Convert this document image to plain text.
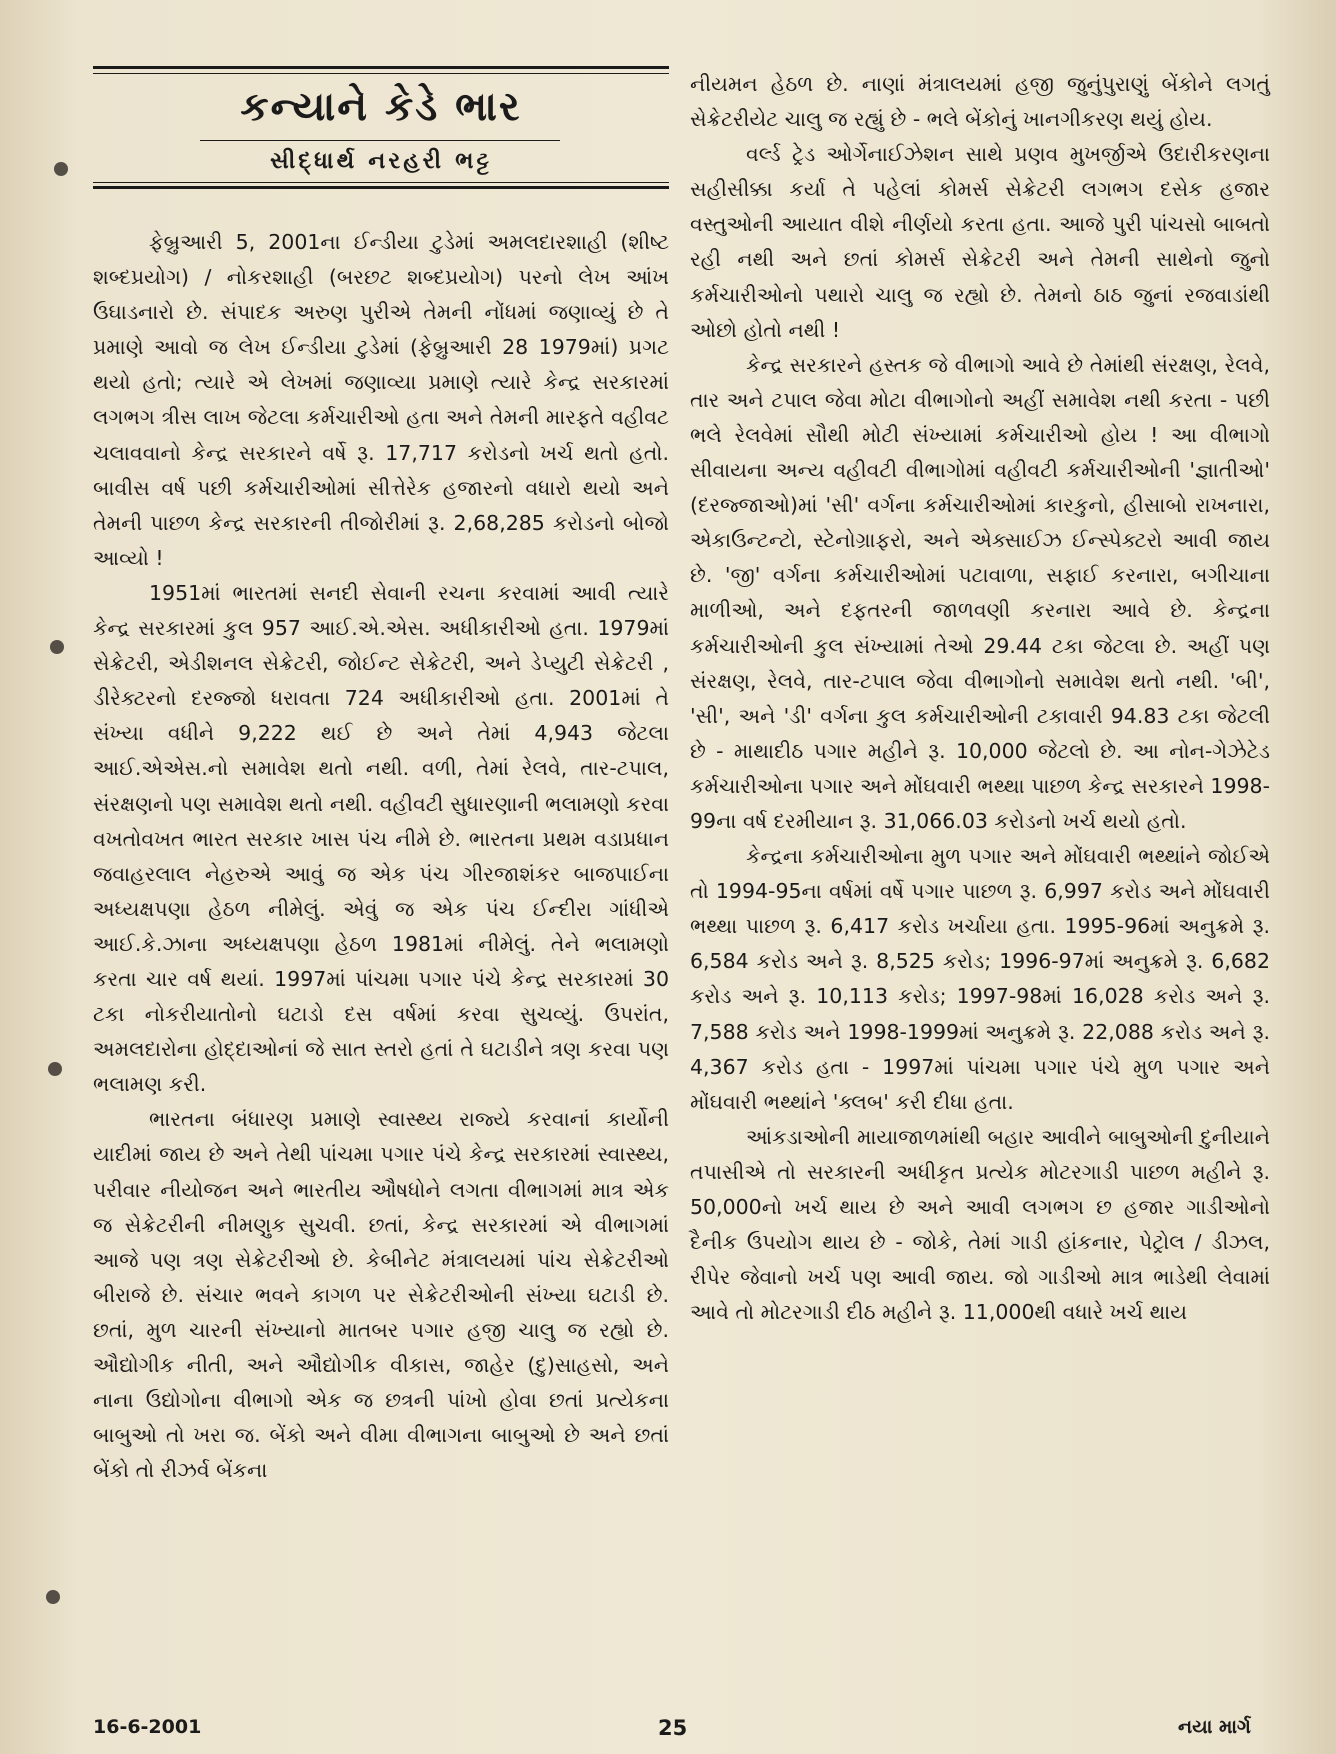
કન્યાને કેડે ભાર
સીદ્ધાર્થ નરહરી ભટ્ટ

ફેબ્રુઆરી 5, 2001ના ઈન્ડીયા ટુડેમાં અમલદારશાહી (શીષ્ટ શબ્દપ્રયોગ) / નોકરશાહી (બરછટ શબ્દપ્રયોગ) પરનો લેખ આંખ ઉઘાડનારો છે. સંપાદક અરુણ પુરીએ તેમની નોંધમાં જણાવ્યું છે તે પ્રમાણે આવો જ લેખ ઈન્ડીયા ટુડેમાં (ફેબ્રુઆરી 28 1979માં) પ્રગટ થયો હતો; ત્યારે એ લેખમાં જણાવ્યા પ્રમાણે ત્યારે કેન્દ્ર સરકારમાં લગભગ ત્રીસ લાખ જેટલા કર્મચારીઓ હતા અને તેમની મારફતે વહીવટ ચલાવવાનો કેન્દ્ર સરકારને વર્ષે રૂ. 17,717 કરોડનો ખર્ચ થતો હતો. બાવીસ વર્ષ પછી કર્મચારીઓમાં સીત્તેરેક હજારનો વધારો થયો અને તેમની પાછળ કેન્દ્ર સરકારની તીજોરીમાં રૂ. 2,68,285 કરોડનો બોજો આવ્યો !

1951માં ભારતમાં સનદી સેવાની રચના કરવામાં આવી ત્યારે કેન્દ્ર સરકારમાં કુલ 957 આઈ.એ.એસ. અધીકારીઓ હતા. 1979માં સેક્રેટરી, એડીશનલ સેક્રેટરી, જોઈન્ટ સેક્રેટરી, અને ડેપ્યુટી સેક્રેટરી , ડીરેક્ટરનો દરજ્જો ધરાવતા 724 અધીકારીઓ હતા. 2001માં તે સંખ્યા વધીને 9,222 થઈ છે અને તેમાં 4,943 જેટલા આઈ.એએસ.નો સમાવેશ થતો નથી. વળી, તેમાં રેલવે, તાર-ટપાલ, સંરક્ષણનો પણ સમાવેશ થતો નથી. વહીવટી સુધારણાની ભલામણો કરવા વખતોવખત ભારત સરકાર ખાસ પંચ નીમે છે. ભારતના પ્રથમ વડાપ્રધાન જવાહરલાલ નેહરુએ આવું જ એક પંચ ગીરજાશંકર બાજપાઈના અધ્યક્ષપણા હેઠળ નીમેલું. એવું જ એક પંચ ઈન્દીરા ગાંધીએ આઈ.કે.ઝાના અધ્યક્ષપણા હેઠળ 1981માં નીમેલું. તેને ભલામણો કરતા ચાર વર્ષ થયાં. 1997માં પાંચમા પગાર પંચે કેન્દ્ર સરકારમાં 30 ટકા નોકરીયાતોનો ઘટાડો દસ વર્ષમાં કરવા સુચવ્યું. ઉપરાંત, અમલદારોના હોદ્દાઓનાં જે સાત સ્તરો હતાં તે ઘટાડીને ત્રણ કરવા પણ ભલામણ કરી.

ભારતના બંધારણ પ્રમાણે સ્વાસ્થ્ય રાજ્યે કરવાનાં કાર્યોની યાદીમાં જાય છે અને તેથી પાંચમા પગાર પંચે કેન્દ્ર સરકારમાં સ્વાસ્થ્ય, પરીવાર નીયોજન અને ભારતીય ઔષધોને લગતા વીભાગમાં માત્ર એક જ સેક્રેટરીની નીમણુક સુચવી. છતાં, કેન્દ્ર સરકારમાં એ વીભાગમાં આજે પણ ત્રણ સેક્રેટરીઓ છે. કેબીનેટ મંત્રાલયમાં પાંચ સેક્રેટરીઓ બીરાજે છે. સંચાર ભવને કાગળ પર સેક્રેટરીઓની સંખ્યા ઘટાડી છે. છતાં, મુળ ચારની સંખ્યાનો માતબર પગાર હજી ચાલુ જ રહ્યો છે. ઔદ્યોગીક નીતી, અને ઔદ્યોગીક વીકાસ, જાહેર (દુ)સાહસો, અને નાના ઉદ્યોગોના વીભાગો એક જ છત્રની પાંખો હોવા છતાં પ્રત્યેકના બાબુઓ તો ખરા જ. બેંકો અને વીમા વીભાગના બાબુઓ છે અને છતાં બેંકો તો રીઝર્વ બેંકના

નીયમન હેઠળ છે. નાણાં મંત્રાલયમાં હજી જુનુંપુરાણું બેંકોને લગતું સેક્રેટરીયેટ ચાલુ જ રહ્યું છે - ભલે બેંકોનું ખાનગીકરણ થયું હોય.

વર્લ્ડ ટ્રેડ ઓર્ગેનાઈઝેશન સાથે પ્રણવ મુખર્જીએ ઉદારીકરણના સહીસીક્કા કર્યા તે પહેલાં કોમર્સ સેક્રેટરી લગભગ દસેક હજાર વસ્તુઓની આયાત વીશે નીર્ણયો કરતા હતા. આજે પુરી પાંચસો બાબતો રહી નથી અને છતાં કોમર્સ સેક્રેટરી અને તેમની સાથેનો જુનો કર્મચારીઓનો પથારો ચાલુ જ રહ્યો છે. તેમનો ઠાઠ જુનાં રજવાડાંથી ઓછો હોતો નથી !

કેન્દ્ર સરકારને હસ્તક જે વીભાગો આવે છે તેમાંથી સંરક્ષણ, રેલવે, તાર અને ટપાલ જેવા મોટા વીભાગોનો અહીં સમાવેશ નથી કરતા - પછી ભલે રેલવેમાં સૌથી મોટી સંખ્યામાં કર્મચારીઓ હોય ! આ વીભાગો સીવાયના અન્ય વહીવટી વીભાગોમાં વહીવટી કર્મચારીઓની 'જ્ઞાતીઓ' (દરજ્જાઓ)માં 'સી' વર્ગના કર્મચારીઓમાં કારકુનો, હીસાબો રાખનારા, એકાઉન્ટન્ટો, સ્ટેનોગ્રાફરો, અને એક્સાઈઝ ઈન્સ્પેક્ટરો આવી જાય છે. 'જી' વર્ગના કર્મચારીઓમાં પટાવાળા, સફાઈ કરનારા, બગીચાના માળીઓ, અને દફતરની જાળવણી કરનારા આવે છે. કેન્દ્રના કર્મચારીઓની કુલ સંખ્યામાં તેઓ 29.44 ટકા જેટલા છે. અહીં પણ સંરક્ષણ, રેલવે, તાર-ટપાલ જેવા વીભાગોનો સમાવેશ થતો નથી. 'બી', 'સી', અને 'ડી' વર્ગના કુલ કર્મચારીઓની ટકાવારી 94.83 ટકા જેટલી છે - માથાદીઠ પગાર મહીને રૂ. 10,000 જેટલો છે. આ નોન-ગેઝેટેડ કર્મચારીઓના પગાર અને મોંઘવારી ભથ્થા પાછળ કેન્દ્ર સરકારને 1998-99ના વર્ષ દરમીયાન રૂ. 31,066.03 કરોડનો ખર્ચ થયો હતો.

કેન્દ્રના કર્મચારીઓના મુળ પગાર અને મોંઘવારી ભથ્થાંને જોઈએ તો 1994-95ના વર્ષમાં વર્ષે પગાર પાછળ રૂ. 6,997 કરોડ અને મોંઘવારી ભથ્થા પાછળ રૂ. 6,417 કરોડ ખર્ચાયા હતા. 1995-96માં અનુક્રમે રૂ. 6,584 કરોડ અને રૂ. 8,525 કરોડ; 1996-97માં અનુક્રમે રૂ. 6,682 કરોડ અને રૂ. 10,113 કરોડ; 1997-98માં 16,028 કરોડ અને રૂ. 7,588 કરોડ અને 1998-1999માં અનુક્રમે રૂ. 22,088 કરોડ અને રૂ. 4,367 કરોડ હતા - 1997માં પાંચમા પગાર પંચે મુળ પગાર અને મોંઘવારી ભથ્થાંને 'ક્લબ' કરી દીધા હતા.

આંકડાઓની માયાજાળમાંથી બહાર આવીને બાબુઓની દુનીયાને તપાસીએ તો સરકારની અધીકૃત પ્રત્યેક મોટરગાડી પાછળ મહીને રૂ. 50,000નો ખર્ચ થાય છે અને આવી લગભગ છ હજાર ગાડીઓનો દૈનીક ઉપયોગ થાય છે - જોકે, તેમાં ગાડી હાંકનાર, પેટ્રોલ / ડીઝલ, રીપેર જેવાનો ખર્ચ પણ આવી જાય. જો ગાડીઓ માત્ર ભાડેથી લેવામાં આવે તો મોટરગાડી દીઠ મહીને રૂ. 11,000થી વધારે ખર્ચ થાય

16-6-2001	25	નયા માર્ગ
